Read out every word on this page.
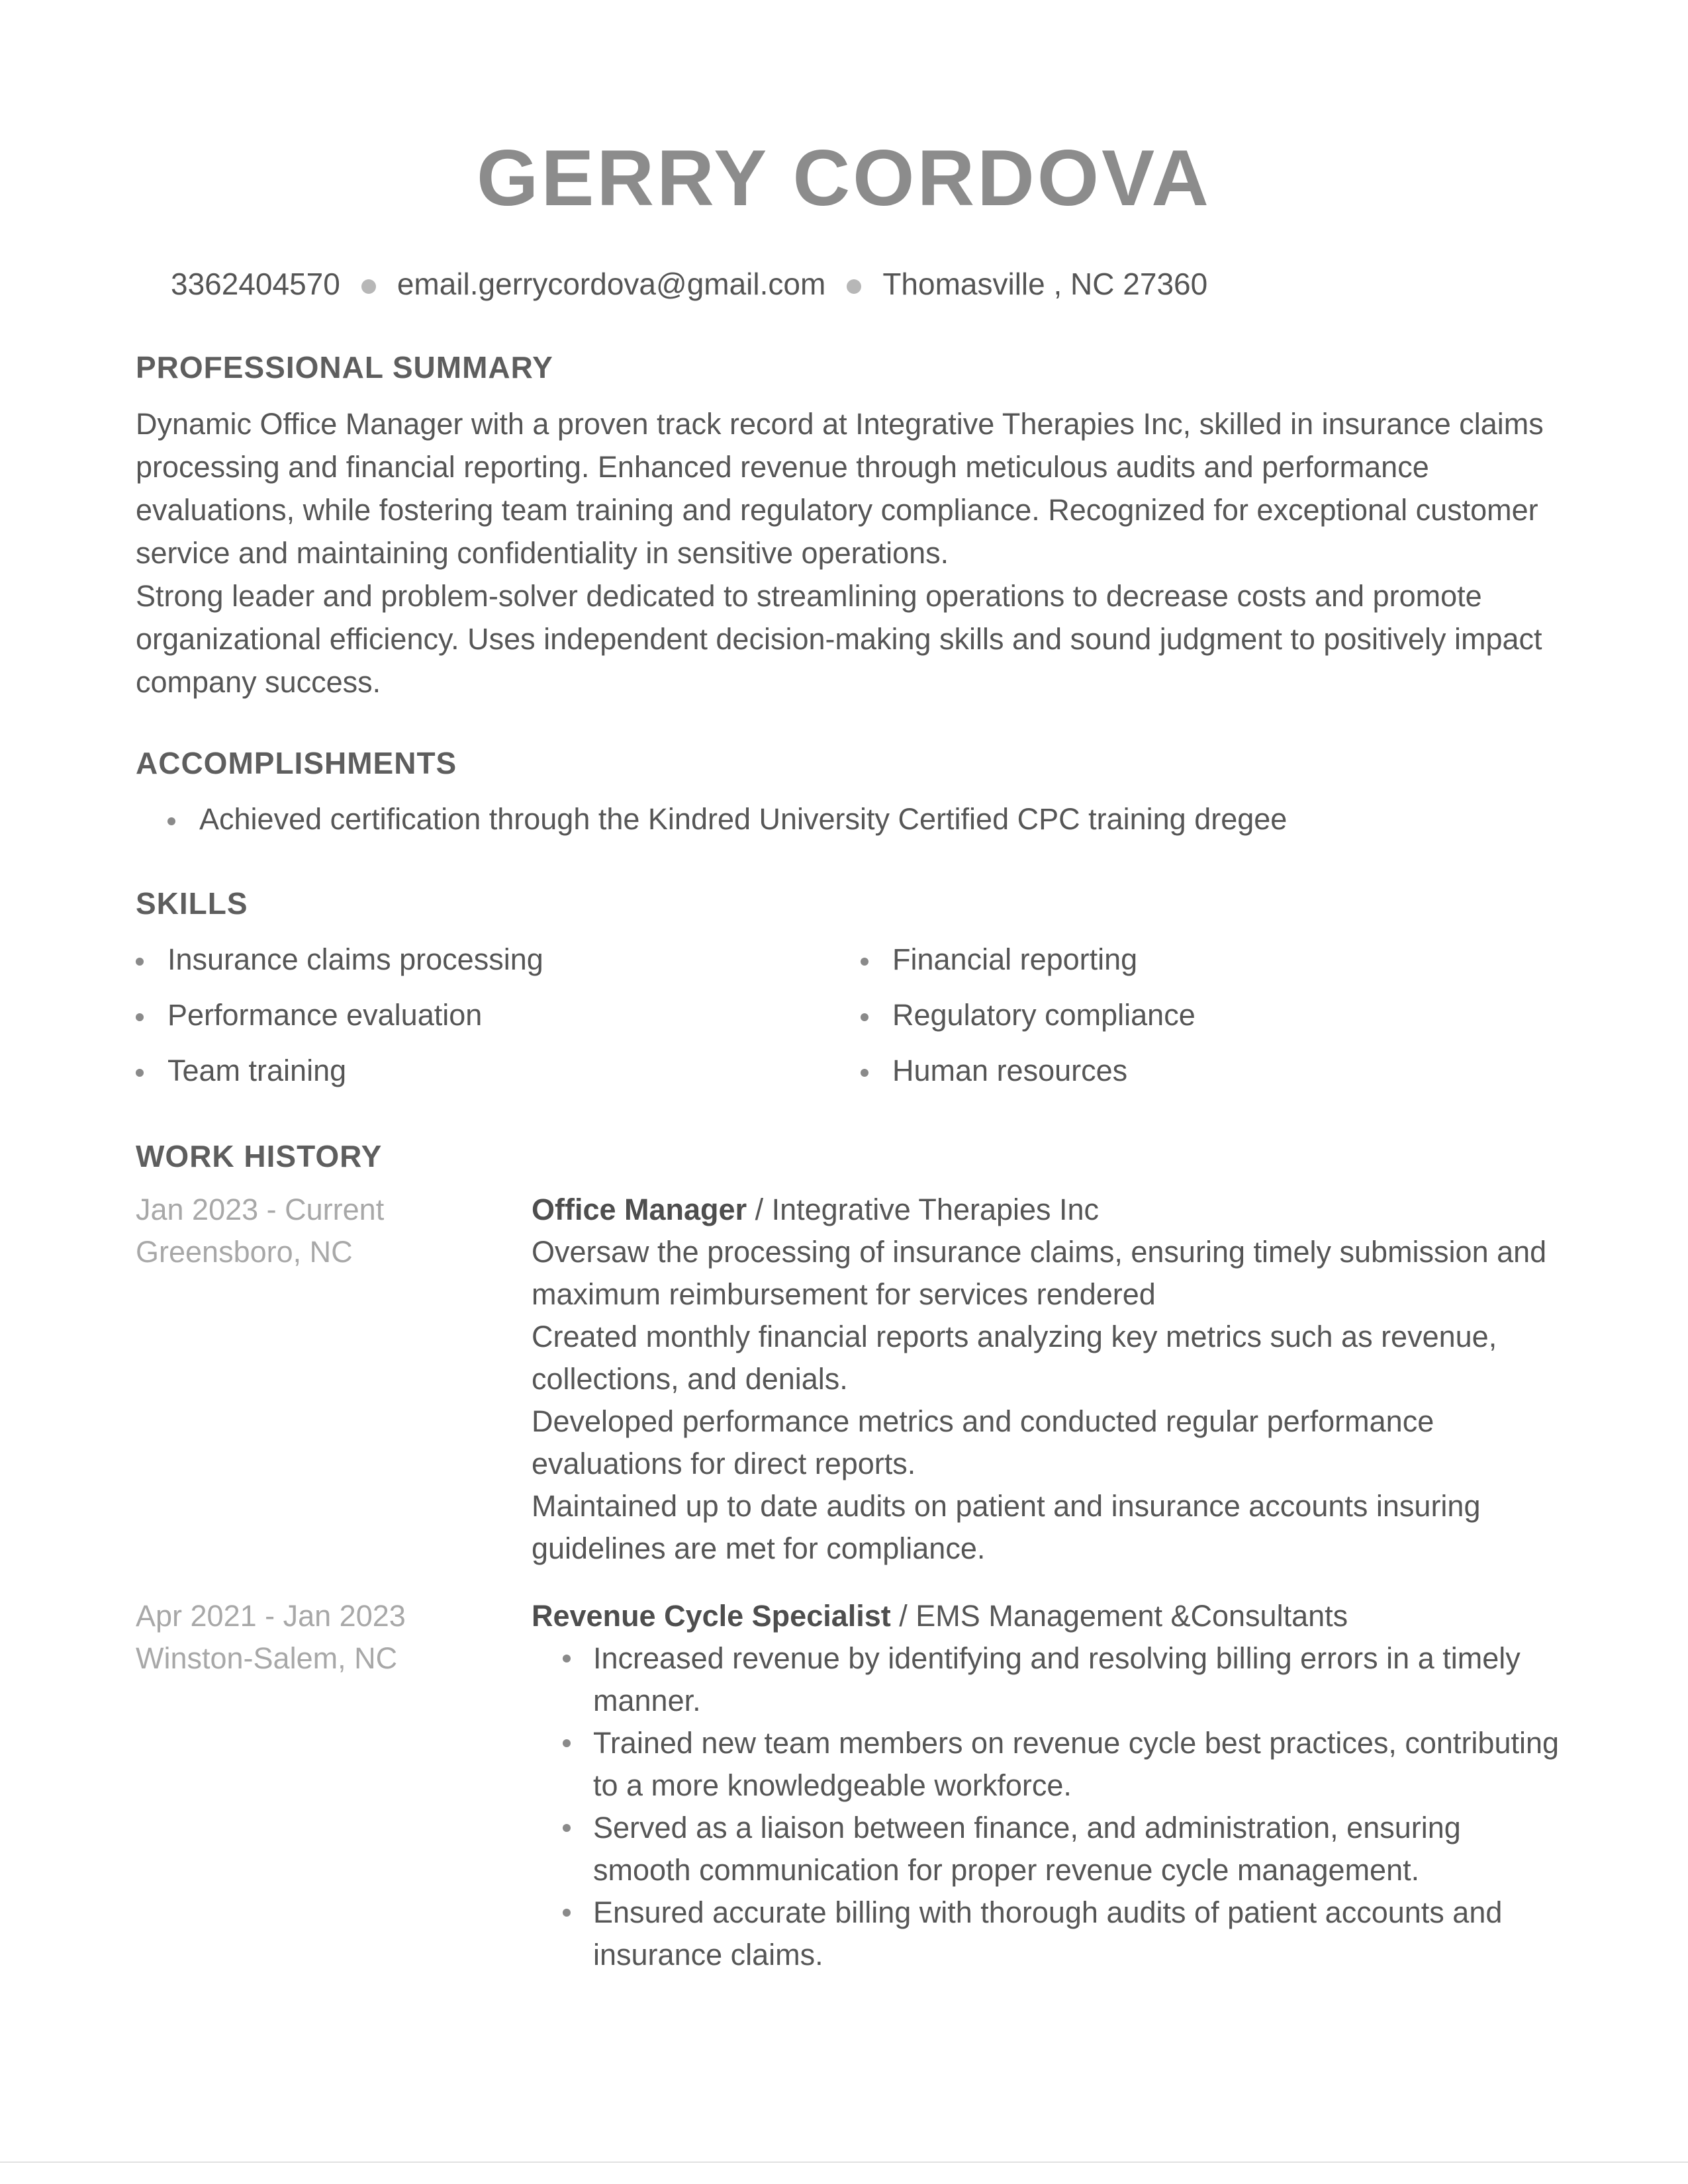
GERRY CORDOVA
3362404570 email.gerrycordova@gmail.com Thomasville , NC 27360
PROFESSIONAL SUMMARY

Dynamic Office Manager with a proven track record at Integrative Therapies Inc, skilled in insurance claims processing and financial reporting. Enhanced revenue through meticulous audits and performance evaluations, while fostering team training and regulatory compliance. Recognized for exceptional customer service and maintaining confidentiality in sensitive operations.

Strong leader and problem-solver dedicated to streamlining operations to decrease costs and promote organizational efficiency. Uses independent decision-making skills and sound judgment to positively impact company success.

ACCOMPLISHMENTS
Achieved certification through the Kindred University Certified CPC training dregee
SKILLS
Insurance claims processing
Performance evaluation
Team training
Financial reporting
Regulatory compliance
Human resources
WORK HISTORY
Jan 2023 - Current
Greensboro, NC

Office Manager / Integrative Therapies Inc

Oversaw the processing of insurance claims, ensuring timely submission and maximum reimbursement for services rendered

Created monthly financial reports analyzing key metrics such as revenue, collections, and denials.

Developed performance metrics and conducted regular performance evaluations for direct reports.

Maintained up to date audits on patient and insurance accounts insuring guidelines are met for compliance.

Apr 2021 - Jan 2023
Winston-Salem, NC

Revenue Cycle Specialist / EMS Management &Consultants

Increased revenue by identifying and resolving billing errors in a timely manner.
Trained new team members on revenue cycle best practices, contributing to a more knowledgeable workforce.
Served as a liaison between finance, and administration, ensuring smooth communication for proper revenue cycle management.
Ensured accurate billing with thorough audits of patient accounts and insurance claims.
